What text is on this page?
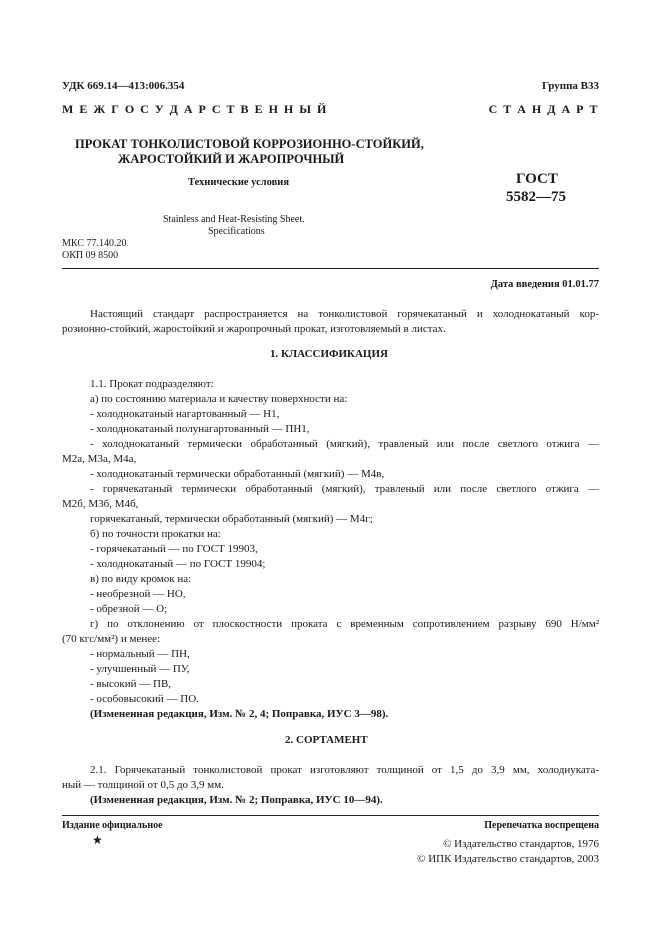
УДК 669.14—413:006.354	Группа В33
М Е Ж Г О С У Д А Р С Т В Е Н Н Ы Й	С Т А Н Д А Р Т
ПРОКАТ ТОНКОЛИСТОВОЙ КОРРОЗИОННО-СТОЙКИЙ,
ЖАРОСТОЙКИЙ И ЖАРОПРОЧНЫЙ
Технические условия	ГОСТ
5582—75
Stainless and Heat-Resisting Sheet.
Specifications
МКС 77.140.20
ОКП 09 8500
Дата введения 01.01.77
Настоящий стандарт распространяется на тонколистовой горячекатаный и холоднокатаный кор-
розионно-стойкий, жаростойкий и жаропрочный прокат, изготовляемый в листах.
1. КЛАССИФИКАЦИЯ
1.1. Прокат подразделяют:
а) по состоянию материала и качеству поверхности на:
- холоднокатаный нагартованный — Н1,
- холоднокатаный полунагартованный — ПН1,
- холоднокатаный термически обработанный (мягкий), травленый или после светлого отжига —
М2а, М3а, М4а,
- холоднокатаный термически обработанный (мягкий) — М4в,
- горячекатаный термически обработанный (мягкий), травленый или после светлого отжига —
М2б, М3б, М4б,
горячекатаный, термически обработанный (мягкий) — М4г;
б) по точности прокатки на:
- горячекатаный — по ГОСТ 19903,
- холоднокатаный — по ГОСТ 19904;
в) по виду кромок на:
- необрезной — НО,
- обрезной — О;
г) по отклонению от плоскостности проката с временным сопротивлением разрыву 690 Н/мм²
(70 кгс/мм²) и менее:
- нормальный — ПН,
- улучшенный — ПУ,
- высокий — ПВ,
- особовысокий — ПО.
(Измененная редакция, Изм. № 2, 4; Поправка, ИУС 3—98).
2. СОРТАМЕНТ
2.1. Горячекатаный тонколистовой прокат изготовляют толщиной от 1,5 до 3,9 мм, холоднуката-
ный — толщиной от 0,5 до 3,9 мм.
(Измененная редакция, Изм. № 2; Поправка, ИУС 10—94).
Издание официальное	Перепечатка воспрещена
★	© Издательство стандартов, 1976
© ИПК Издательство стандартов, 2003
